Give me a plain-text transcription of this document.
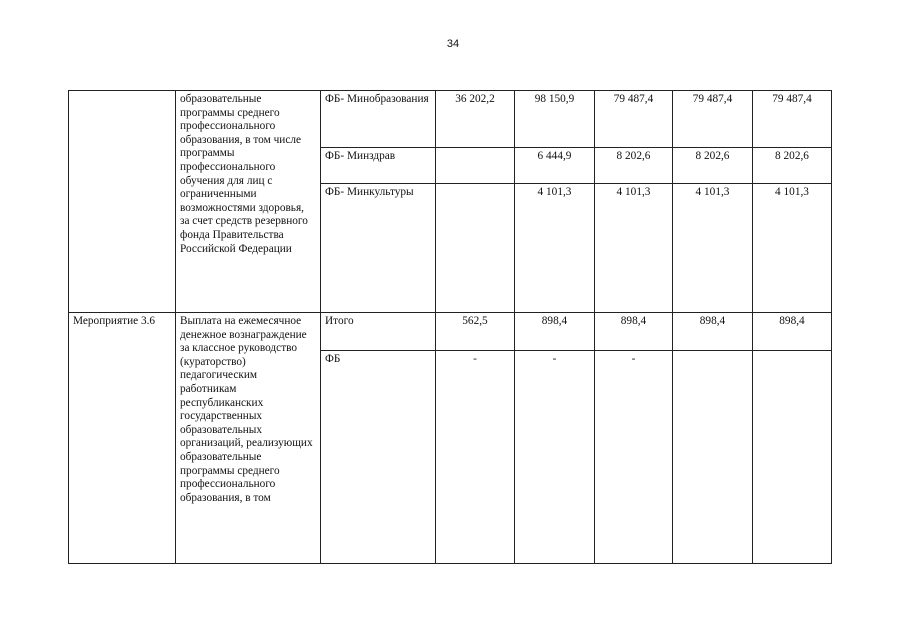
34
	образовательные программы среднего профессионального образования, в том числе программы профессионального обучения для лиц с ограниченными возможностями здоровья, за счет средств резервного фонда Правительства Российской Федерации	ФБ- Минобразования	36 202,2	98 150,9	79 487,4	79 487,4	79 487,4
		ФБ- Минздрав		6 444,9	8 202,6	8 202,6	8 202,6
		ФБ- Минкультуры		4 101,3	4 101,3	4 101,3	4 101,3
Мероприятие 3.6	Выплата на ежемесячное денежное вознаграждение за классное руководство (кураторство) педагогическим работникам республиканских государственных образовательных организаций, реализующих образовательные программы среднего профессионального образования, в том	Итого	562,5	898,4	898,4	898,4	898,4
		ФБ	-	-	-		
